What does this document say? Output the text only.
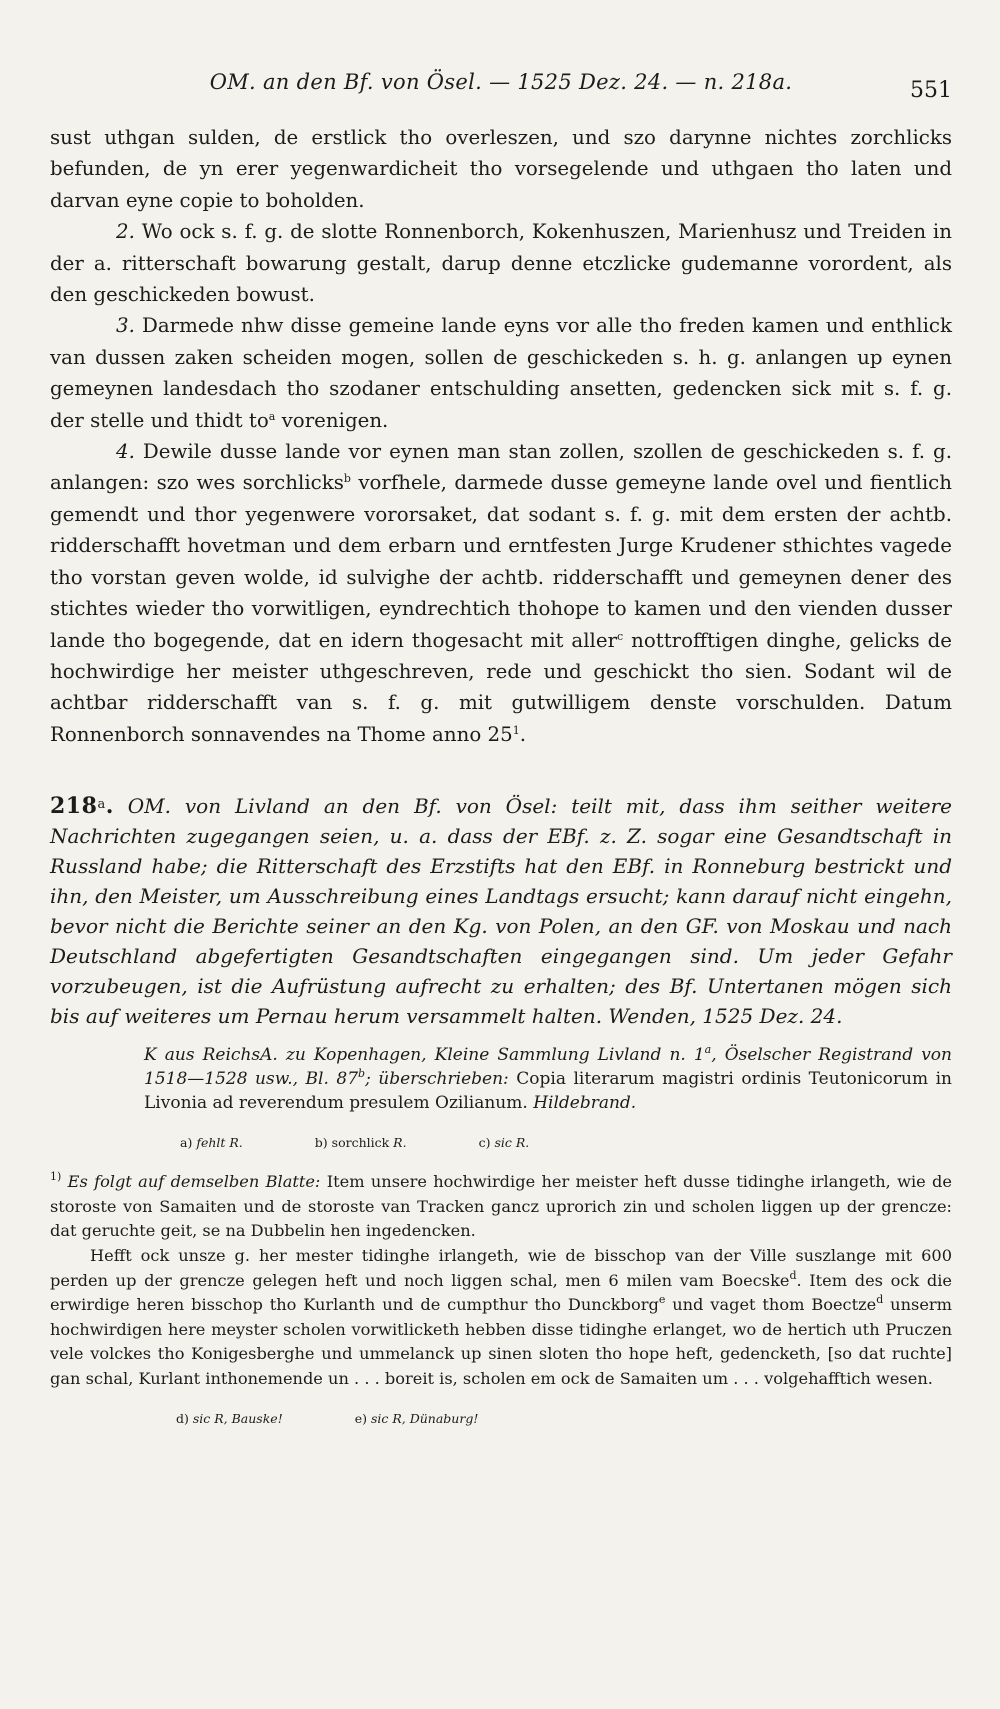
OM. an den Bf. von Ösel. — 1525 Dez. 24. — n. 218a.	551

sust uthgan sulden, de erstlick tho overleszen, und szo darynne nichtes zorchlicks befunden, de yn erer yegenwardicheit tho vorsegelende und uthgaen tho laten und darvan eyne copie to boholden.

2. Wo ock s. f. g. de slotte Ronnenborch, Kokenhuszen, Marienhusz und Treiden in der a. ritterschaft bowarung gestalt, darup denne etczlicke gudemanne vorordent, als den geschickeden bowust.

3. Darmede nhw disse gemeine lande eyns vor alle tho freden kamen und enthlick van dussen zaken scheiden mogen, sollen de geschickeden s. h. g. anlangen up eynen gemeynen landesdach tho szodaner entschulding ansetten, gedencken sick mit s. f. g. der stelle und thidt $to^a$ vorenigen.

4. Dewile dusse lande vor eynen man stan zollen, szollen de geschickeden s. f. g. anlangen: szo wes sorchlicks$^b$ vorfhele, darmede dusse gemeyne lande ovel und fientlich gemendt und thor yegenwere vororsaket, dat sodant s. f. g. mit dem ersten der achtb. ridderschafft hovetman und dem erbarn und erntfesten Jurge Krudener sthichtes vagede tho vorstan geven wolde, id sulvighe der achtb. ridderschafft und gemeynen dener des stichtes wieder tho vorwitligen, eyndrechtich thohope to kamen und den vienden dusser lande tho bogegende, dat en idern thogesacht mit aller$^c$ nottrofftigen dinghe, gelicks de hochwirdige her meister uthgeschreven, rede und geschickt tho sien. Sodant wil de achtbar ridderschafft van s. f. g. mit gutwilligem denste vorschulden. Datum Ronnenborch sonnavendes na Thome anno $25^1$.

218$^a$. OM. von Livland an den Bf. von Ösel: teilt mit, dass ihm seither weitere Nachrichten zugegangen seien, u. a. dass der EBf. z. Z. sogar eine Gesandtschaft in Russland habe; die Ritterschaft des Erzstifts hat den EBf. in Ronneburg bestrickt und ihn, den Meister, um Ausschreibung eines Landtags ersucht; kann darauf nicht eingehn, bevor nicht die Berichte seiner an den Kg. von Polen, an den GF. von Moskau und nach Deutschland abgefertigten Gesandtschaften eingegangen sind. Um jeder Gefahr vorzubeugen, ist die Aufrüstung aufrecht zu erhalten; des Bf. Untertanen mögen sich bis auf weiteres um Pernau herum versammelt halten. Wenden, 1525 Dez. 24.
K aus ReichsA. zu Kopenhagen, Kleine Sammlung Livland n. 1$^a$, Öselscher Registrand von 1518—1528 usw., Bl. 87$^b$; überschrieben: Copia literarum magistri ordinis Teutonicorum in Livonia ad reverendum presulem Ozilianum. Hildebrand.
a) fehlt R.	b) sorchlick R.	c) sic R.

$^{1)}$ Es folgt auf demselben Blatte: Item unsere hochwirdige her meister heft dusse tidinghe irlangeth, wie de storoste von Samaiten und de storoste van Tracken gancz uprorich zin und scholen liggen up der grencze: dat geruchte geit, se na Dubbelin hen ingedencken.

Hefft ock unsze g. her mester tidinghe irlangeth, wie de bisschop van der Ville suszlange mit 600 perden up der grencze gelegen heft und noch liggen schal, men 6 milen vam Boecske$^d$. Item des ock die erwirdige heren bisschop tho Kurlanth und de cumpthur tho Dunckborg$^e$ und vaget thom Boectze$^d$ unserm hochwirdigen here meyster scholen vorwitlicketh hebben disse tidinghe erlanget, wo de hertich uth Pruczen vele volckes tho Konigesberghe und ummelanck up sinen sloten tho hope heft, gedencketh, [so dat ruchte] gan schal, Kurlant inthonemende un . . . boreit is, scholen em ock de Samaiten um . . . volgehafftich wesen.

d) sic R, Bauske!	e) sic R, Dünaburg!
